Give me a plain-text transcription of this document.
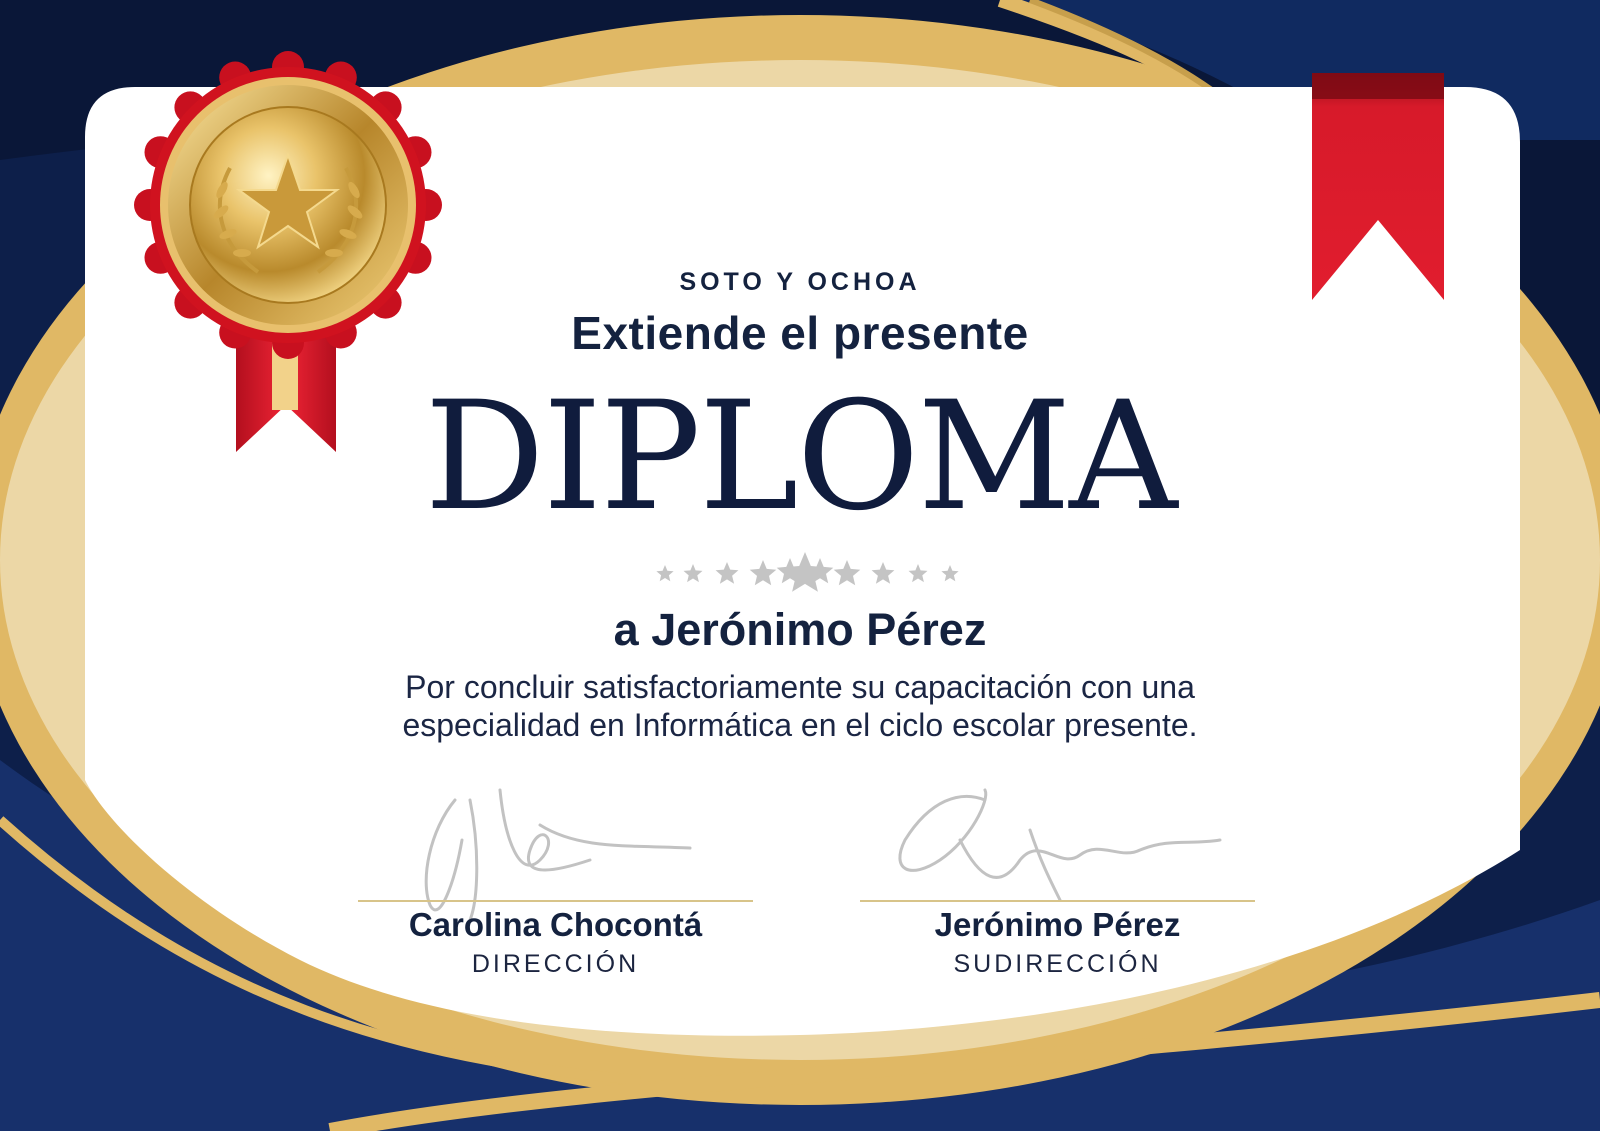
SOTO Y OCHOA
Extiende el presente
DIPLOMA
a Jerónimo Pérez
Por concluir satisfactoriamente su capacitación con una especialidad en Informática en el ciclo escolar presente.
Carolina Chocontá
DIRECCIÓN
Jerónimo Pérez
SUDIRECCIÓN
